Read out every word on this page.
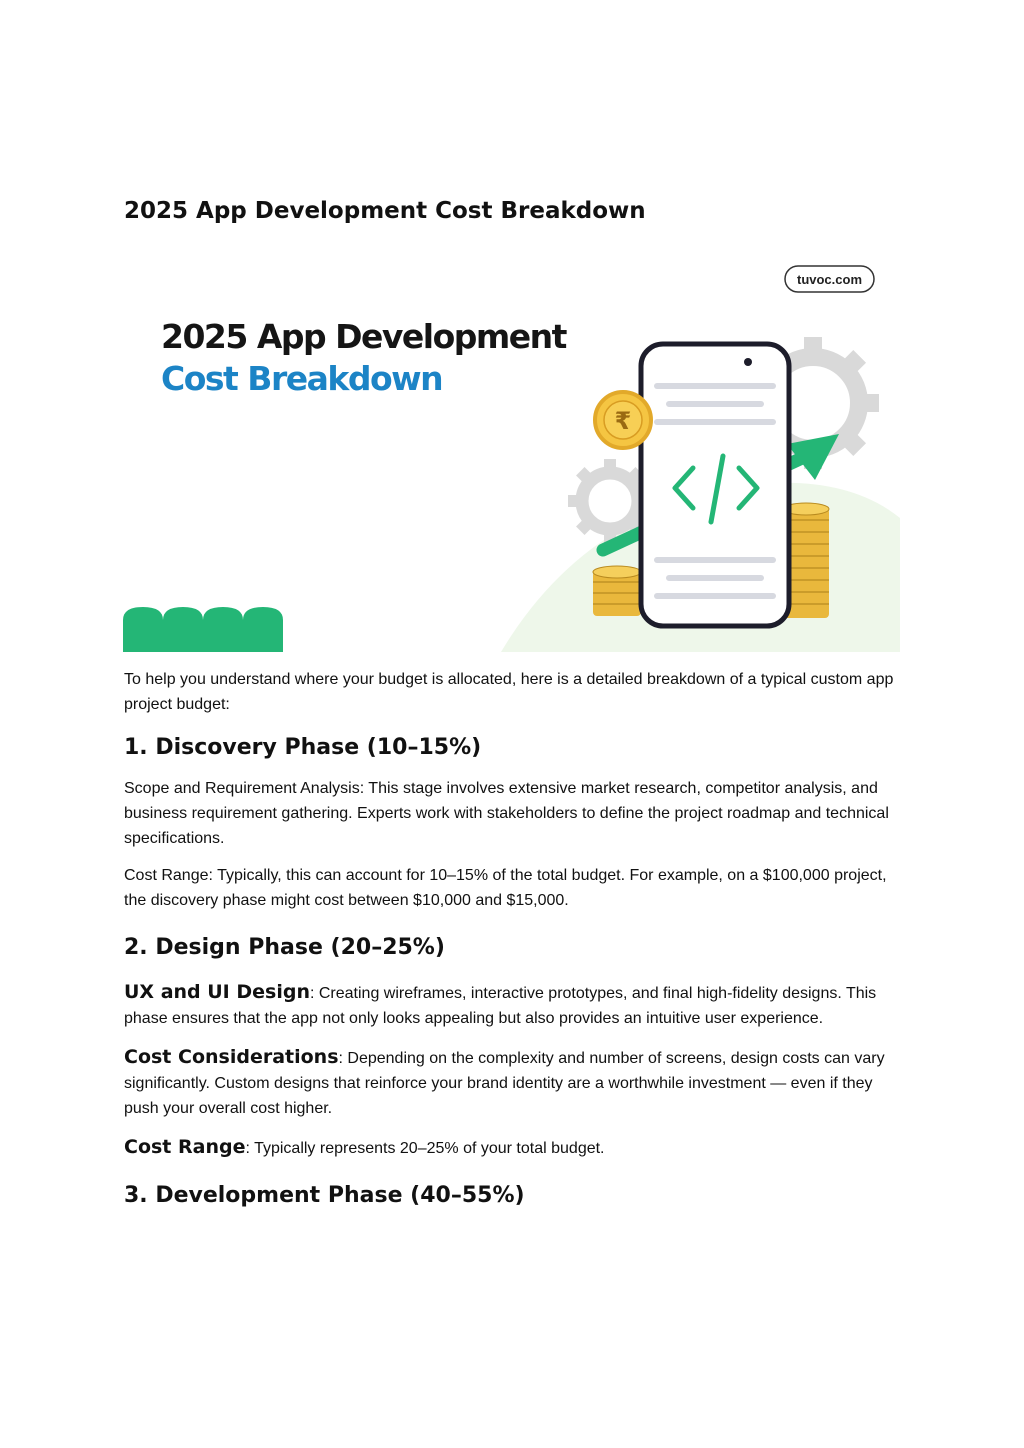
2025 App Development Cost Breakdown
tuvoc.com
2025 App Development
Cost Breakdown
₹

To help you understand where your budget is allocated, here is a detailed breakdown of a typical custom app project budget:

1. Discovery Phase (10–15%)

Scope and Requirement Analysis: This stage involves extensive market research, competitor analysis, and business requirement gathering. Experts work with stakeholders to define the project roadmap and technical specifications.

Cost Range: Typically, this can account for 10–15% of the total budget. For example, on a $100,000 project, the discovery phase might cost between $10,000 and $15,000.

2. Design Phase (20–25%)

UX and UI Design: Creating wireframes, interactive prototypes, and final high-fidelity designs. This phase ensures that the app not only looks appealing but also provides an intuitive user experience.

Cost Considerations: Depending on the complexity and number of screens, design costs can vary significantly. Custom designs that reinforce your brand identity are a worthwhile investment — even if they push your overall cost higher.

Cost Range: Typically represents 20–25% of your total budget.

3. Development Phase (40–55%)
